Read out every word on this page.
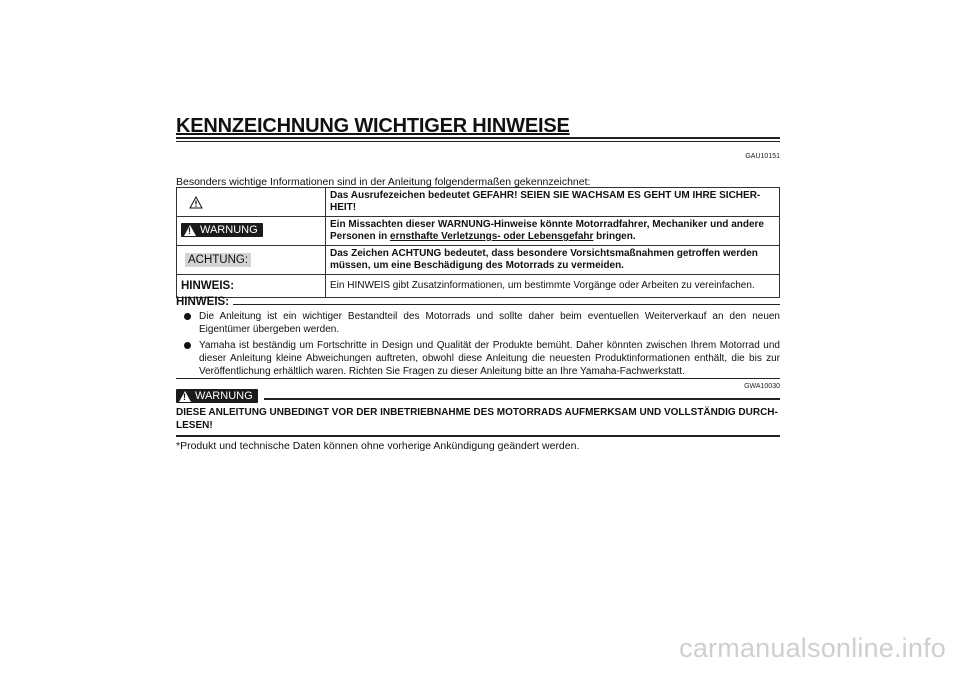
KENNZEICHNUNG WICHTIGER HINWEISE
GAU10151
Besonders wichtige Informationen sind in der Anleitung folgendermaßen gekennzeichnet:
	Das Ausrufezeichen bedeutet GEFAHR! SEIEN SIE WACHSAM ES GEHT UM IHRE SICHER-
HEIT!

!
WARNUNG	Ein Missachten dieser WARNUNG-Hinweise könnte Motorradfahrer, Mechaniker und andere
Personen in ernsthafte Verletzungs- oder Lebensgefahr bringen.
ACHTUNG:	Das Zeichen ACHTUNG bedeutet, dass besondere Vorsichtsmaßnahmen getroffen werden
müssen, um eine Beschädigung des Motorrads zu vermeiden.
HINWEIS:	Ein HINWEIS gibt Zusatzinformationen, um bestimmte Vorgänge oder Arbeiten zu vereinfachen.
HINWEIS:
Die Anleitung ist ein wichtiger Bestandteil des Motorrads und sollte daher beim eventuellen Weiterverkauf an den neuen Eigentümer übergeben werden.
Yamaha ist beständig um Fortschritte in Design und Qualität der Produkte bemüht. Daher könnten zwischen Ihrem Motorrad und dieser Anleitung kleine Abweichungen auftreten, obwohl diese Anleitung die neuesten Produktinformationen enthält, die bis zur Veröffentlichung erhältlich waren. Richten Sie Fragen zu dieser Anleitung bitte an Ihre Yamaha-Fachwerkstatt.
GWA10030
!
WARNUNG
DIESE ANLEITUNG UNBEDINGT VOR DER INBETRIEBNAHME DES MOTORRADS AUFMERKSAM UND VOLLSTÄNDIG DURCH-LESEN!
*Produkt und technische Daten können ohne vorherige Ankündigung geändert werden.
carmanualsonline.info
